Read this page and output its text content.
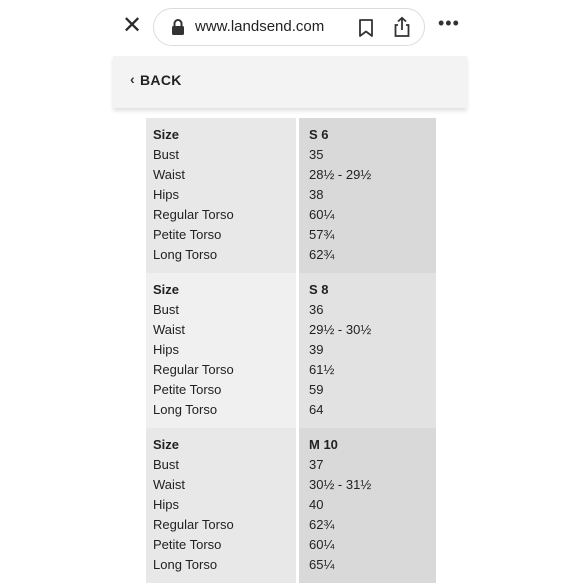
✕	www.landsend.com	•••
‹ BACK
Size	S 6
Bust	35
Waist	28½ - 29½
Hips	38
Regular Torso	60¼
Petite Torso	57¾
Long Torso	62¾
Size	S 8
Bust	36
Waist	29½ - 30½
Hips	39
Regular Torso	61½
Petite Torso	59
Long Torso	64
Size	M 10
Bust	37
Waist	30½ - 31½
Hips	40
Regular Torso	62¾
Petite Torso	60¼
Long Torso	65¼
